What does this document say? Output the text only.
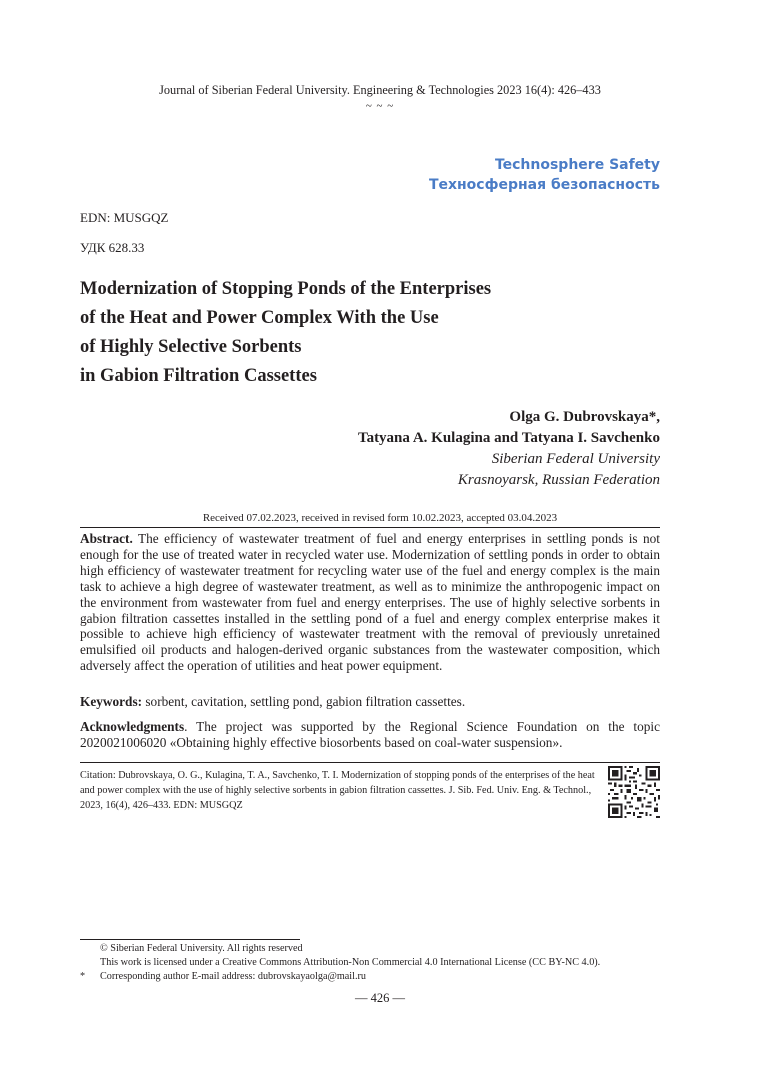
Journal of Siberian Federal University. Engineering & Technologies 2023 16(4): 426–433
~ ~ ~
Technosphere Safety
Техносферная безопасность
EDN: MUSGQZ
УДК 628.33
Modernization of Stopping Ponds of the Enterprises
of the Heat and Power Complex With the Use
of Highly Selective Sorbents
in Gabion Filtration Cassettes
Olga G. Dubrovskaya*,
Tatyana A. Kulagina and Tatyana I. Savchenko
Siberian Federal University
Krasnoyarsk, Russian Federation
Received 07.02.2023, received in revised form 10.02.2023, accepted 03.04.2023

Abstract. The efficiency of wastewater treatment of fuel and energy enterprises in settling ponds is not enough for the use of treated water in recycled water use. Modernization of settling ponds in order to obtain high efficiency of wastewater treatment for recycling water use of the fuel and energy complex is the main task to achieve a high degree of wastewater treatment, as well as to minimize the anthropogenic impact on the environment from wastewater from fuel and energy enterprises. The use of highly selective sorbents in gabion filtration cassettes installed in the settling pond of a fuel and energy complex enterprise makes it possible to achieve high efficiency of wastewater treatment with the removal of previously unretained emulsified oil products and halogen-derived organic substances from the wastewater composition, which adversely affect the operation of utilities and heat power equipment.

Keywords: sorbent, cavitation, settling pond, gabion filtration cassettes.

Acknowledgments. The project was supported by the Regional Science Foundation on the topic 2020021006020 «Obtaining highly effective biosorbents based on coal-water suspension».

Citation: Dubrovskaya, O. G., Kulagina, T. A., Savchenko, T. I. Modernization of stopping ponds of the enterprises of the heat and power complex with the use of highly selective sorbents in gabion filtration cassettes. J. Sib. Fed. Univ. Eng. & Technol., 2023, 16(4), 426–433. EDN: MUSGQZ

© Siberian Federal University. All rights reserved
This work is licensed under a Creative Commons Attribution-Non Commercial 4.0 International License (CC BY-NC 4.0).
*	Corresponding author E-mail address: dubrovskayaolga@mail.ru
— 426 —
